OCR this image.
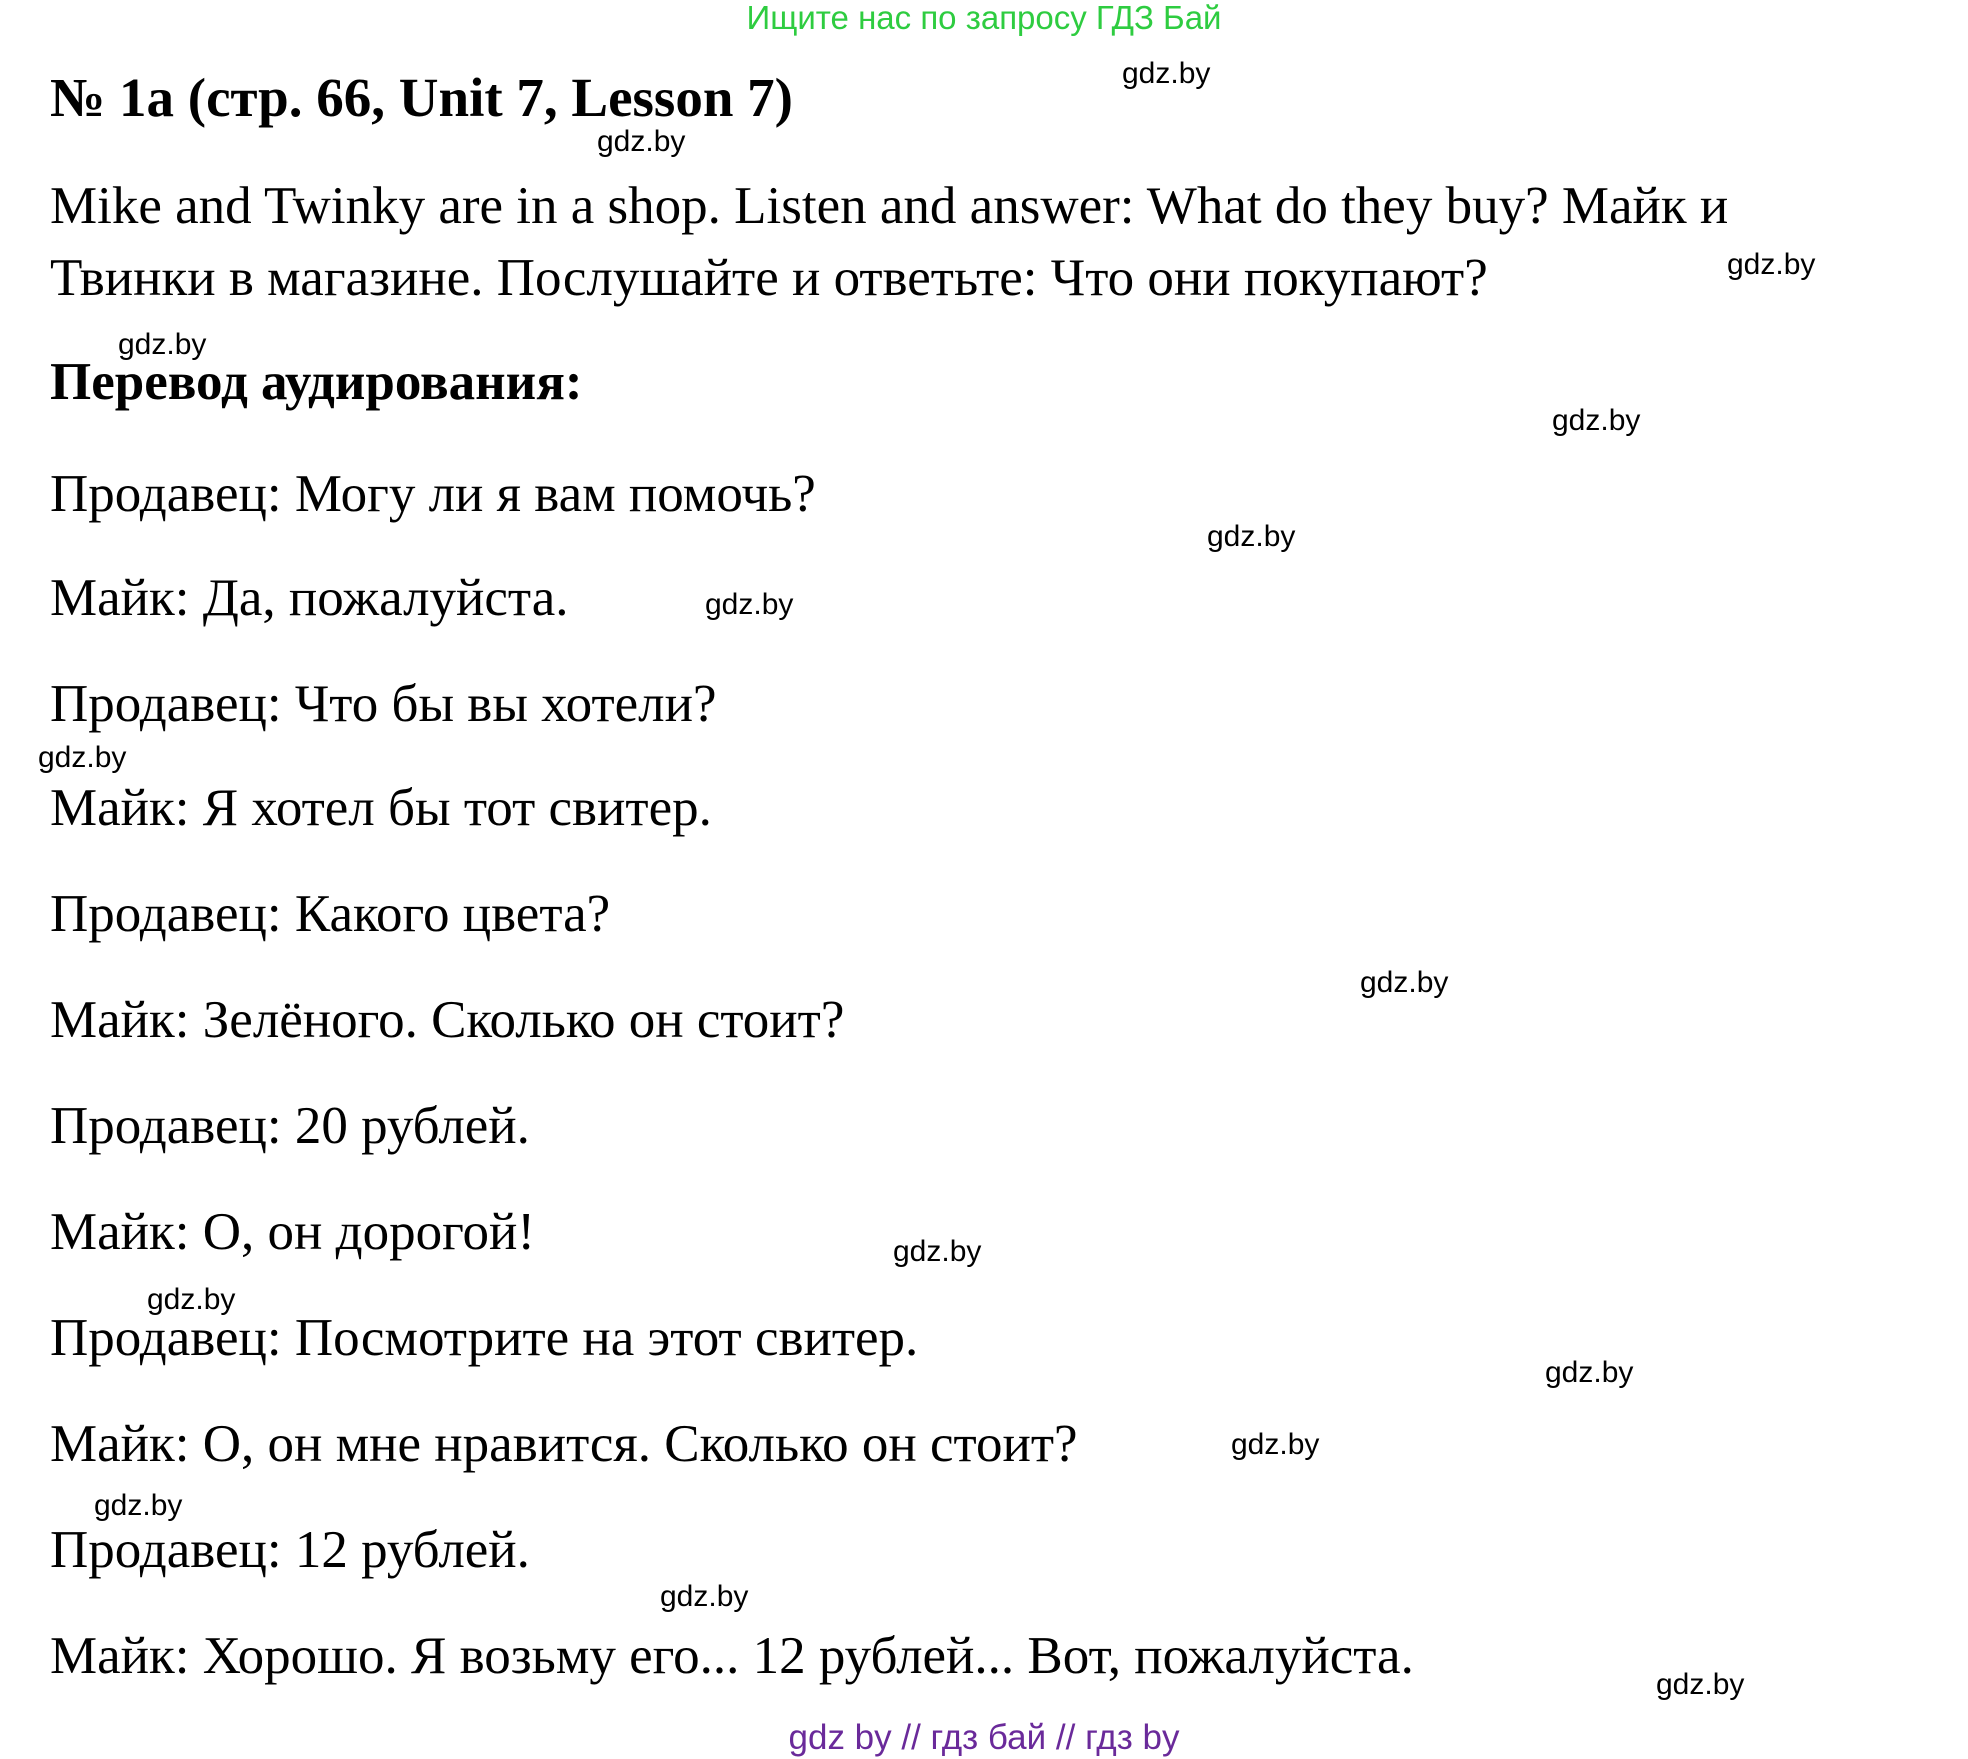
Ищите нас по запросу ГДЗ Бай
№ 1а (стр. 66, Unit 7, Lesson 7)
Mike and Twinky are in a shop. Listen and answer: What do they buy? Майк и Твинки в магазине. Послушайте и ответьте: Что они покупают?
Перевод аудирования:
Продавец: Могу ли я вам помочь?
Майк: Да, пожалуйста.
Продавец: Что бы вы хотели?
Майк: Я хотел бы тот свитер.
Продавец: Какого цвета?
Майк: Зелёного. Сколько он стоит?
Продавец: 20 рублей.
Майк: О, он дорогой!
Продавец: Посмотрите на этот свитер.
Майк: О, он мне нравится. Сколько он стоит?
Продавец: 12 рублей.
Майк: Хорошо. Я возьму его... 12 рублей... Вот, пожалуйста.
gdz.by
gdz.by
gdz.by
gdz.by
gdz.by
gdz.by
gdz.by
gdz.by
gdz.by
gdz.by
gdz.by
gdz.by
gdz.by
gdz.by
gdz.by
gdz.by
gdz by // гдз бай // гдз by
